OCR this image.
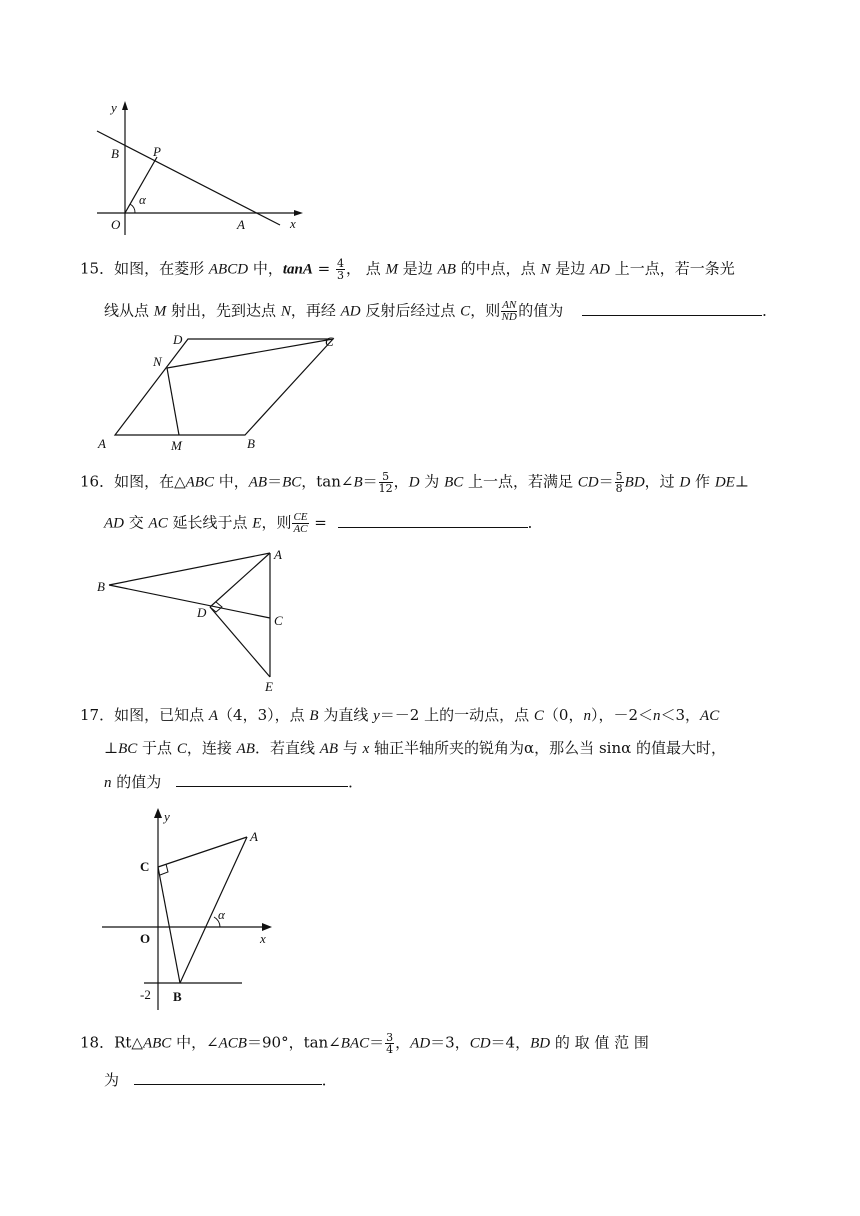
y
B	P
α
O	A	x
15．如图，在菱形 ABCD 中，$\tan A = \frac{4}{3}$ ， 点 M 是边 AB 的中点，点 N 是边 AD 上一点，若一条光
线从点 M 射出，先到达点 N，再经 AD 反射后经过点 C，则 $\frac{AN}{ND}$ 的值为	．
D	C
N
A	M	B
16．如图，在△ABC 中，AB＝BC，tan∠B＝ $\frac{5}{12}$ ，D 为 BC 上一点，若满足 $CD= \frac{5}{8}$ BD，过 D 作 DE⊥
AD 交 AC 延长线于点 E，则 $\frac{CE}{AC}$ =	．
A
B
D
C
E
17．如图，已知点 A（4，3），点 B 为直线 y＝－2 上的一动点，点 C（0，n），－2＜n＜3，AC
⊥BC 于点 C，连接 AB．若直线 AB 与 x 轴正半轴所夹的锐角为α，那么当 sinα 的值最大时，
n 的值为	．
y
A
C
α
O	x
-2 B
18．Rt△ABC 中，∠ACB＝90°，tan∠BAC＝ $\frac{3}{4}$ ，AD＝3，CD＝4，BD 的 取 值 范 围
为	．
